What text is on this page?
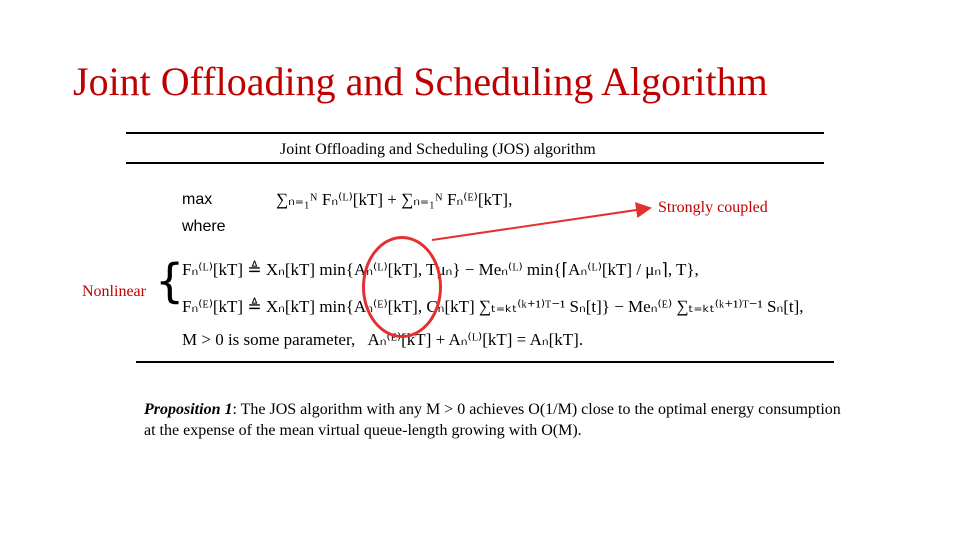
Joint Offloading and Scheduling Algorithm
Joint Offloading and Scheduling (JOS) algorithm
max	∑ₙ₌₁ᴺ Fₙ⁽ᴸ⁾[kT] + ∑ₙ₌₁ᴺ Fₙ⁽ᴱ⁾[kT],
where
Nonlinear {
Fₙ⁽ᴸ⁾[kT] ≜ Xₙ[kT] min{Aₙ⁽ᴸ⁾[kT], Tμₙ} − Meₙ⁽ᴸ⁾ min{⌈Aₙ⁽ᴸ⁾[kT] / μₙ⌉, T},
Fₙ⁽ᴱ⁾[kT] ≜ Xₙ[kT] min{Aₙ⁽ᴱ⁾[kT], Cₙ[kT] ∑ₜ₌ₖₜ⁽ᵏ⁺¹⁾ᵀ⁻¹ Sₙ[t]} − Meₙ⁽ᴱ⁾ ∑ₜ₌ₖₜ⁽ᵏ⁺¹⁾ᵀ⁻¹ Sₙ[t],
M > 0 is some parameter, Aₙ⁽ᴱ⁾[kT] + Aₙ⁽ᴸ⁾[kT] = Aₙ[kT].
Strongly coupled
Proposition 1: The JOS algorithm with any M > 0 achieves O(1/M) close to the optimal energy consumption at the expense of the mean virtual queue-length growing with O(M).
